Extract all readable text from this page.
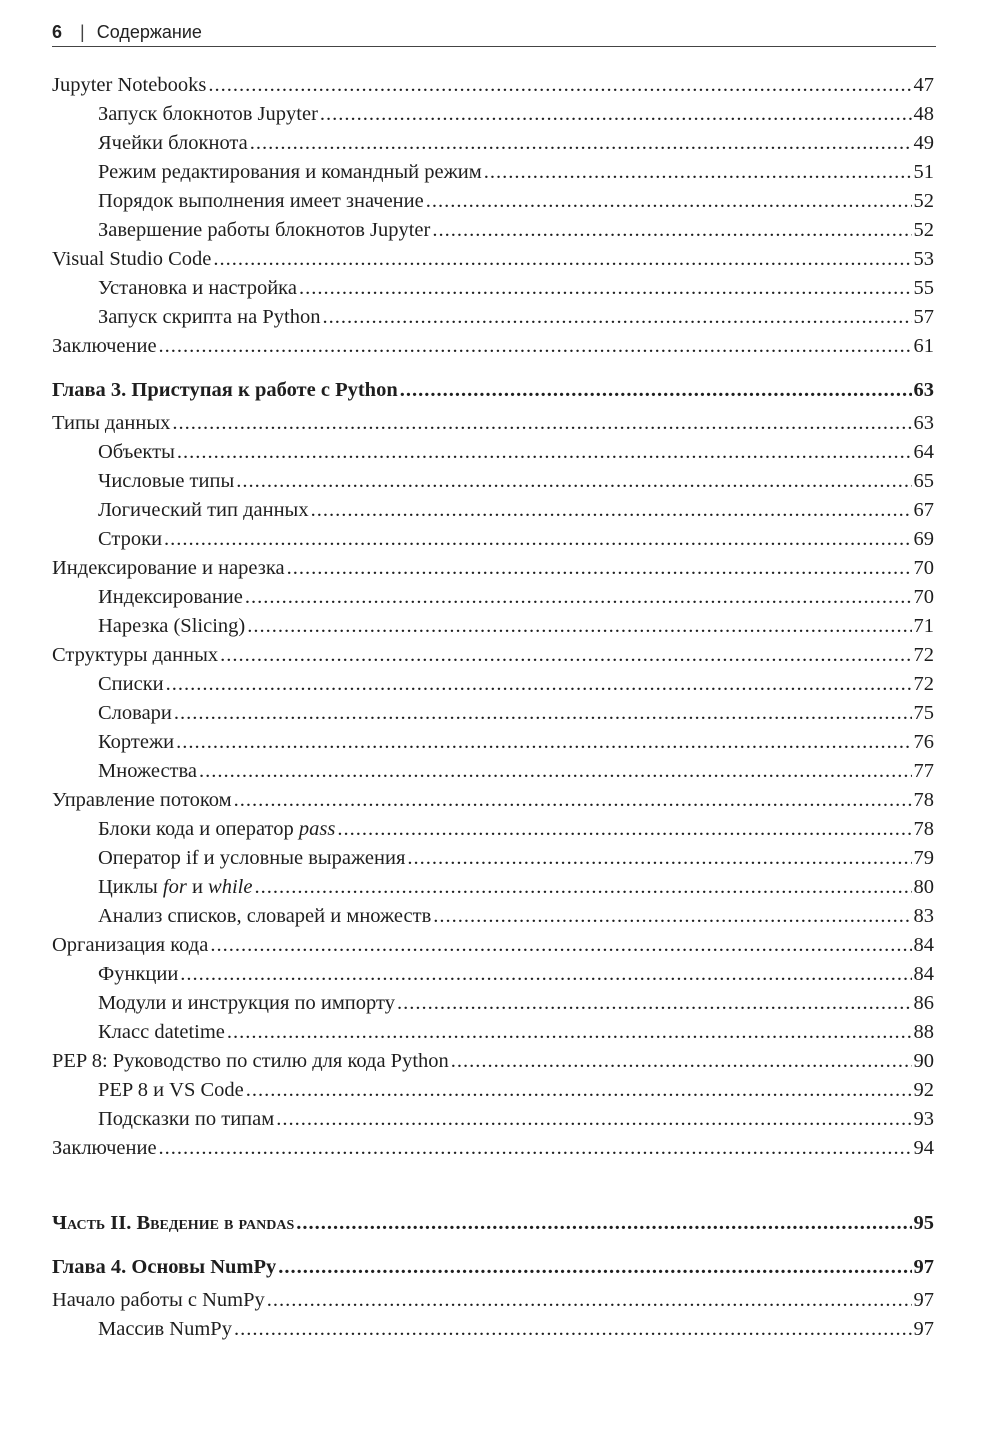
6 | Содержание
Jupyter Notebooks .....	47
Запуск блокнотов Jupyter .....	48
Ячейки блокнота .....	49
Режим редактирования и командный режим .....	51
Порядок выполнения имеет значение .....	52
Завершение работы блокнотов Jupyter .....	52
Visual Studio Code .....	53
Установка и настройка .....	55
Запуск скрипта на Python .....	57
Заключение .....	61
Глава 3. Приступая к работе с Python .....	63
Типы данных .....	63
Объекты .....	64
Числовые типы .....	65
Логический тип данных .....	67
Строки .....	69
Индексирование и нарезка .....	70
Индексирование .....	70
Нарезка (Slicing) .....	71
Структуры данных .....	72
Списки .....	72
Словари .....	75
Кортежи .....	76
Множества .....	77
Управление потоком .....	78
Блоки кода и оператор pass .....	78
Оператор if и условные выражения .....	79
Циклы for и while .....	80
Анализ списков, словарей и множеств .....	83
Организация кода .....	84
Функции .....	84
Модули и инструкция по импорту .....	86
Класс datetime .....	88
PEP 8: Руководство по стилю для кода Python .....	90
PEP 8 и VS Code .....	92
Подсказки по типам .....	93
Заключение .....	94
Часть II. Введение в pandas .....	95
Глава 4. Основы NumPy .....	97
Начало работы с NumPy .....	97
Массив NumPy .....	97
